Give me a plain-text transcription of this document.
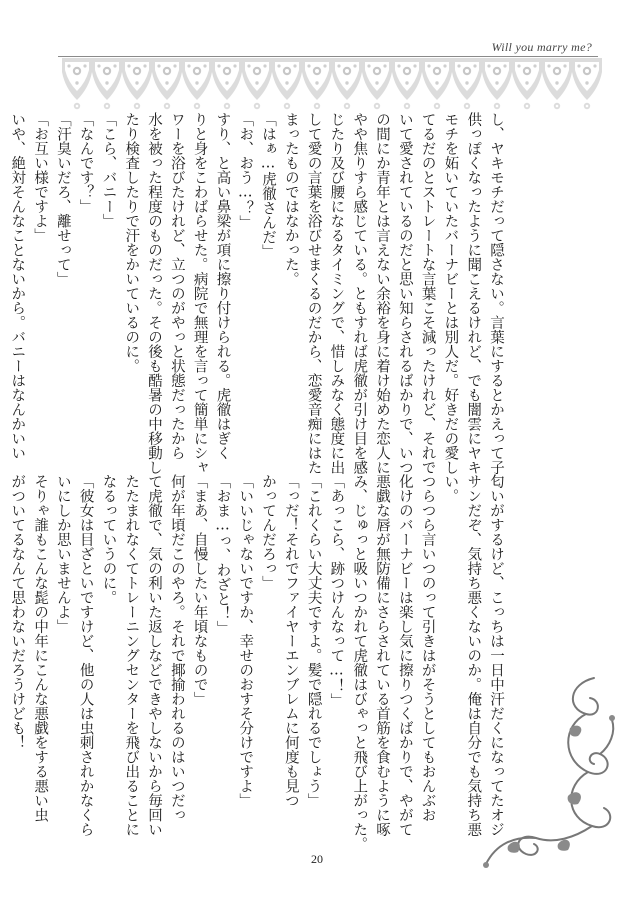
Will you marry me?

し、ヤキモチだって隠さない。言葉にするとかえって子

供っぽくなったように聞こえるけれど、でも闇雲にヤキ

モチを妬いていたバーナビーとは別人だ。好きだの愛し

てるだのとストレートな言葉こそ減ったけれど、それで

いて愛されているのだと思い知らされるばかりで、いつ

の間にか青年とは言えない余裕を身に着け始めた恋人に

やや焦りすら感じている。ともすれば虎徹が引け目を感

じたり及び腰になるタイミングで、惜しみなく態度に出

して愛の言葉を浴びせまくるのだから、恋愛音痴にはた

まったものではなかった。

「はぁ…虎徹さんだ」

「お、おう…？」

すり、と高い鼻梁が項に擦り付けられる。虎徹はぎく

りと身をこわばらせた。病院で無理を言って簡単にシャ

ワーを浴びたけれど、立つのがやっと状態だったから

水を被った程度のものだった。その後も酷暑の中移動し

たり検査したりで汗をかいているのに。

「こら、バニー」

「なんです？」

「汗臭いだろ、離せって」

「お互い様ですよ」

いや、絶対そんなことないから。バニーはなんかいい

匂いがするけど、こっちは一日中汗だくになってたオジ

サンだぞ、気持ち悪くないのか。俺は自分でも気持ち悪

い。

つらつら言いつのって引きはがそうとしてもおんぶお

化けのバーナビーは楽し気に擦りつくばかりで、やがて

悪戯な唇が無防備にさらされている首筋を食むように啄

み、じゅっと吸いつかれて虎徹はびゃっと飛び上がった。

「あっこら、跡つけんなって…！」

「これくらい大丈夫ですよ。髪で隠れるでしょう」

「っだ！それでファイヤーエンブレムに何度も見つ

かってんだろっ」

「いいじゃないですか、幸せのおすそ分けですよ」

「おま…っ、わざと！」

「まあ、自慢したい年頃なもので」

何が年頃だこのやろ。それで揶揄われるのはいつだっ

て虎徹で、気の利いた返しなどできやしないから毎回い

たたまれなくてトレーニングセンターを飛び出ることに

なるっていうのに。

「彼女は目ざといですけど、他の人は虫刺されかなくら

いにしか思いませんよ」

そりゃ誰もこんな髭の中年にこんな悪戯をする悪い虫

がついてるなんて思わないだろうけども！

20
